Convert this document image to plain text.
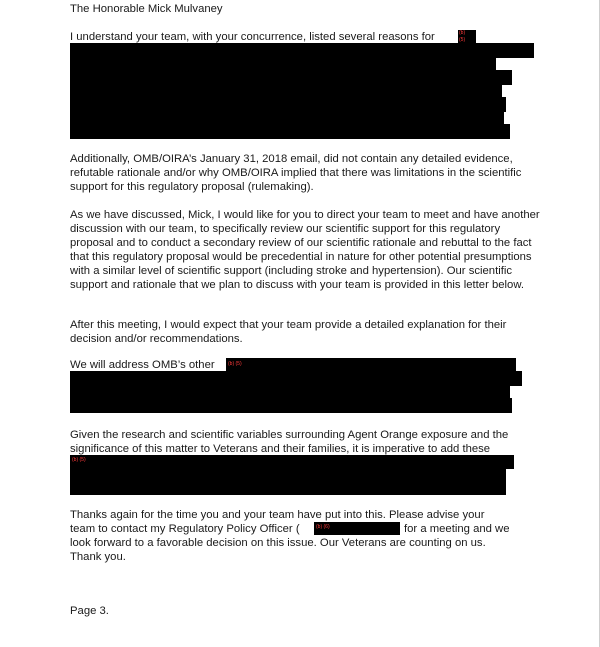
The Honorable Mick Mulvaney

I understand your team, with your concurrence, listed several reasons for	(b)
(5)

Additionally, OMB/OIRA’s January 31, 2018 email, did not contain any detailed evidence, refutable rationale and/or why OMB/OIRA implied that there was limitations in the scientific support for this regulatory proposal (rulemaking).

As we have discussed, Mick, I would like for you to direct your team to meet and have another discussion with our team, to specifically review our scientific support for this regulatory proposal and to conduct a secondary review of our scientific rationale and rebuttal to the fact that this regulatory proposal would be precedential in nature for other potential presumptions with a similar level of scientific support (including stroke and hypertension). Our scientific support and rationale that we plan to discuss with your team is provided in this letter below.

After this meeting, I would expect that your team provide a detailed explanation for their decision and/or recommendations.

We will address OMB’s other	(b) (5)

Given the research and scientific variables surrounding Agent Orange exposure and the significance of this matter to Veterans and their families, it is imperative to add these

(b) (5)

Thanks again for the time you and your team have put into this. Please advise your

team to contact my Regulatory Policy Officer (	(b) (6)	for a meeting and we

look forward to a favorable decision on this issue. Our Veterans are counting on us.

Thank you.

Page 3.
